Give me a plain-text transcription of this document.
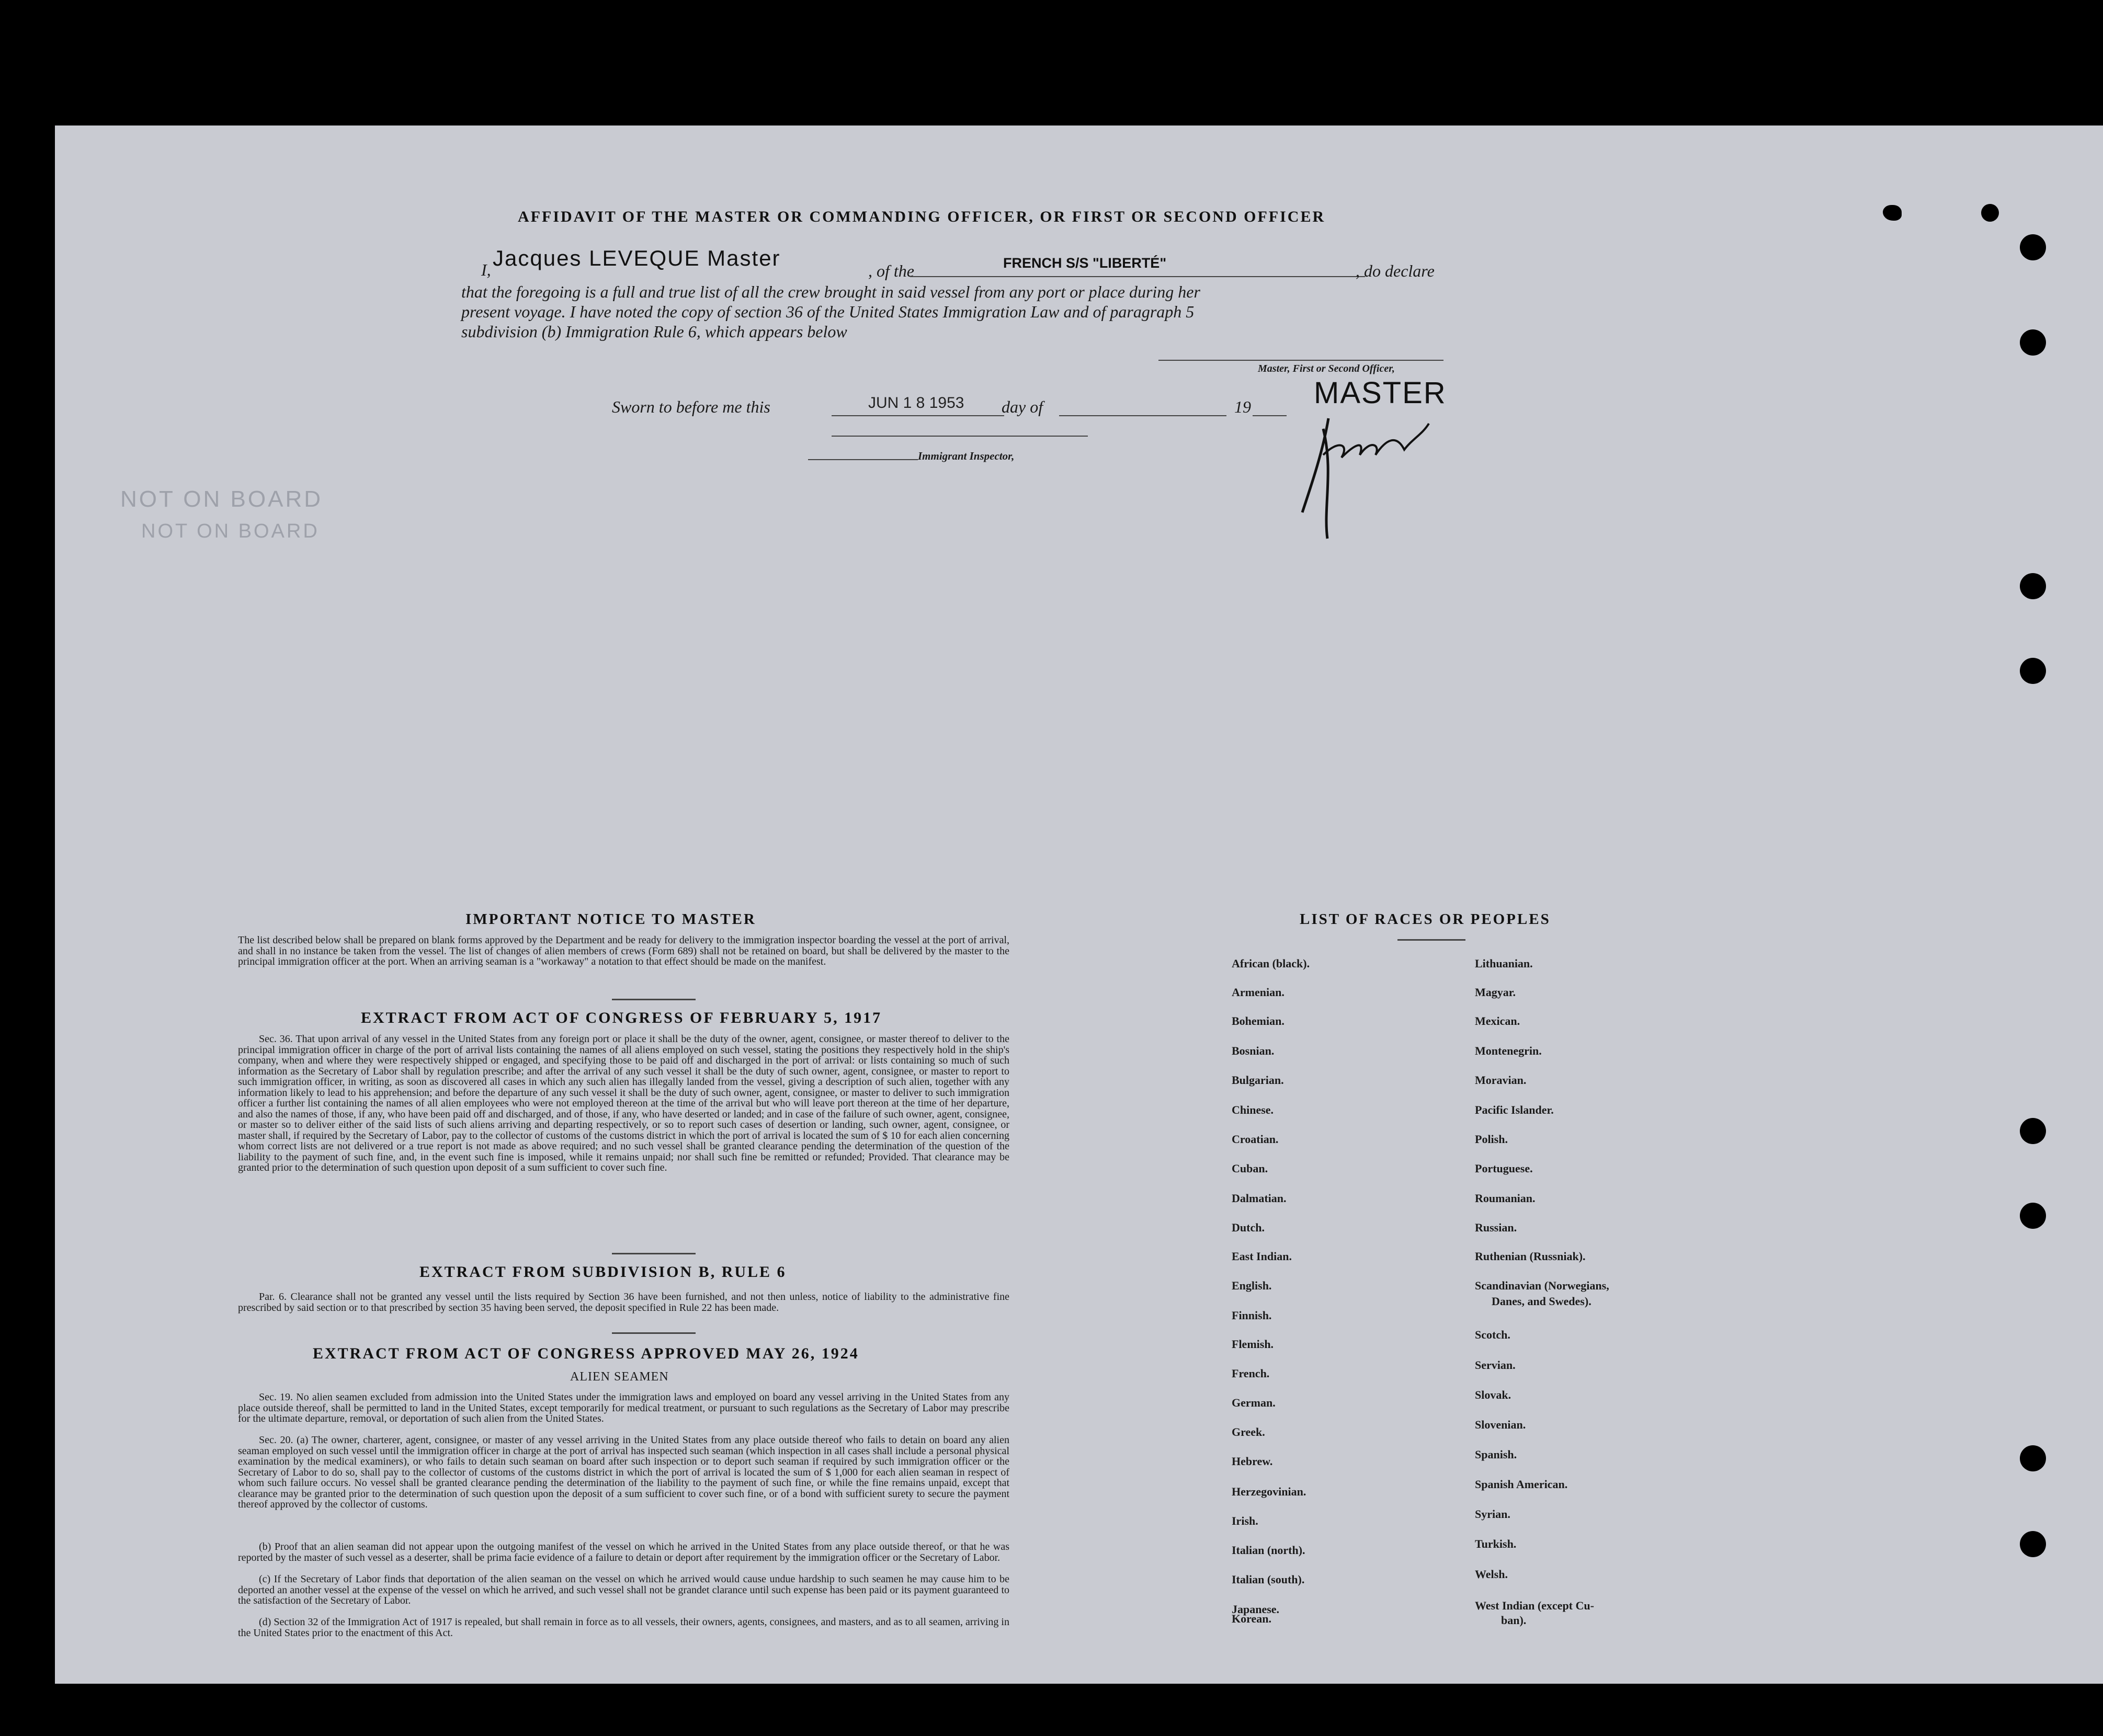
NOT ON BOARD
NOT ON BOARD
AFFIDAVIT OF THE MASTER OR COMMANDING OFFICER, OR FIRST OR SECOND OFFICER
I, Jacques LEVEQUE Master
, of the	FRENCH S/S "LIBERTÉ"	, do declare
that the foregoing is a full and true list of all the crew brought in said vessel from any port or place during her
present voyage. I have noted the copy of section 36 of the United States Immigration Law and of paragraph 5
subdivision (b) Immigration Rule 6, which appears below
Master, First or Second Officer,
Sworn to before me this	JUN 1 8 1953 day of	19 MASTER
Immigrant Inspector,
IMPORTANT NOTICE TO MASTER
The list described below shall be prepared on blank forms approved by the Department and be ready for delivery to the immigration inspector boarding the vessel at the port of arrival, and shall in no instance be taken from the vessel. The list of changes of alien members of crews (Form 689) shall not be retained on board, but shall be delivered by the master to the principal immigration officer at the port. When an arriving seaman is a "workaway" a notation to that effect should be made on the manifest.
EXTRACT FROM ACT OF CONGRESS OF FEBRUARY 5, 1917
Sec. 36. That upon arrival of any vessel in the United States from any foreign port or place it shall be the duty of the owner, agent, consignee, or master thereof to deliver to the principal immigration officer in charge of the port of arrival lists containing the names of all aliens employed on such vessel, stating the positions they respectively hold in the ship's company, when and where they were respectively shipped or engaged, and specifying those to be paid off and discharged in the port of arrival: or lists containing so much of such information as the Secretary of Labor shall by regulation prescribe; and after the arrival of any such vessel it shall be the duty of such owner, agent, consignee, or master to report to such immigration officer, in writing, as soon as discovered all cases in which any such alien has illegally landed from the vessel, giving a description of such alien, together with any information likely to lead to his apprehension; and before the departure of any such vessel it shall be the duty of such owner, agent, consignee, or master to deliver to such immigration officer a further list containing the names of all alien employees who were not employed thereon at the time of the arrival but who will leave port thereon at the time of her departure, and also the names of those, if any, who have been paid off and discharged, and of those, if any, who have deserted or landed; and in case of the failure of such owner, agent, consignee, or master so to deliver either of the said lists of such aliens arriving and departing respectively, or so to report such cases of desertion or landing, such owner, agent, consignee, or master shall, if required by the Secretary of Labor, pay to the collector of customs of the customs district in which the port of arrival is located the sum of $ 10 for each alien concerning whom correct lists are not delivered or a true report is not made as above required; and no such vessel shall be granted clearance pending the determination of the question of the liability to the payment of such fine, and, in the event such fine is imposed, while it remains unpaid; nor shall such fine be remitted or refunded; Provided. That clearance may be granted prior to the determination of such question upon deposit of a sum sufficient to cover such fine.
EXTRACT FROM SUBDIVISION B, RULE 6
Par. 6. Clearance shall not be granted any vessel until the lists required by Section 36 have been furnished, and not then unless, notice of liability to the administrative fine prescribed by said section or to that prescribed by section 35 having been served, the deposit specified in Rule 22 has been made.
EXTRACT FROM ACT OF CONGRESS APPROVED MAY 26, 1924
ALIEN SEAMEN
Sec. 19. No alien seamen excluded from admission into the United States under the immigration laws and employed on board any vessel arriving in the United States from any place outside thereof, shall be permitted to land in the United States, except temporarily for medical treatment, or pursuant to such regulations as the Secretary of Labor may prescribe for the ultimate departure, removal, or deportation of such alien from the United States.
Sec. 20. (a) The owner, charterer, agent, consignee, or master of any vessel arriving in the United States from any place outside thereof who fails to detain on board any alien seaman employed on such vessel until the immigration officer in charge at the port of arrival has inspected such seaman (which inspection in all cases shall include a personal physical examination by the medical examiners), or who fails to detain such seaman on board after such inspection or to deport such seaman if required by such immigration officer or the Secretary of Labor to do so, shall pay to the collector of customs of the customs district in which the port of arrival is located the sum of $ 1,000 for each alien seaman in respect of whom such failure occurs. No vessel shall be granted clearance pending the determination of the liability to the payment of such fine, or while the fine remains unpaid, except that clearance may be granted prior to the determination of such question upon the deposit of a sum sufficient to cover such fine, or of a bond with sufficient surety to secure the payment thereof approved by the collector of customs.
(b) Proof that an alien seaman did not appear upon the outgoing manifest of the vessel on which he arrived in the United States from any place outside thereof, or that he was reported by the master of such vessel as a deserter, shall be prima facie evidence of a failure to detain or deport after requirement by the immigration officer or the Secretary of Labor.
(c) If the Secretary of Labor finds that deportation of the alien seaman on the vessel on which he arrived would cause undue hardship to such seamen he may cause him to be deported an another vessel at the expense of the vessel on which he arrived, and such vessel shall not be grandet clarance until such expense has been paid or its payment guaranteed to the satisfaction of the Secretary of Labor.
(d) Section 32 of the Immigration Act of 1917 is repealed, but shall remain in force as to all vessels, their owners, agents, consignees, and masters, and as to all seamen, arriving in the United States prior to the enactment of this Act.
LIST OF RACES OR PEOPLES
African (black).
Armenian.
Bohemian.
Bosnian.
Bulgarian.
Chinese.
Croatian.
Cuban.
Dalmatian.
Dutch.
East Indian.
English.
Finnish.
Flemish.
French.
German.
Greek.
Hebrew.
Herzegovinian.
Irish.
Italian (north).
Italian (south).
Japanese.
Korean.
Lithuanian.
Magyar.
Mexican.
Montenegrin.
Moravian.
Pacific Islander.
Polish.
Portuguese.
Roumanian.
Russian.
Ruthenian (Russniak).
Scandinavian (Norwegians,
Danes, and Swedes).
Scotch.
Servian.
Slovak.
Slovenian.
Spanish.
Spanish American.
Syrian.
Turkish.
Welsh.
West Indian (except Cu-
ban).
